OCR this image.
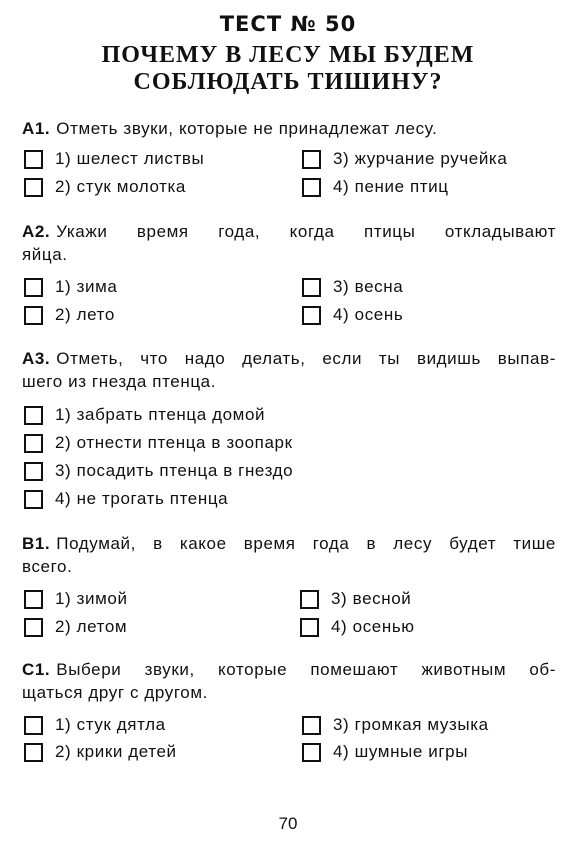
ТЕСТ № 50
ПОЧЕМУ В ЛЕСУ МЫ БУДЕМ
СОБЛЮДАТЬ ТИШИНУ?
А1. Отметь звуки, которые не принадлежат лесу.
1) шелест листвы
2) стук молотка
3) журчание ручейка
4) пение птиц
А2. Укажи время года, когда птицы откладывают
яйца.
1) зима
2) лето
3) весна
4) осень
А3. Отметь, что надо делать, если ты видишь выпав-
шего из гнезда птенца.
1) забрать птенца домой
2) отнести птенца в зоопарк
3) посадить птенца в гнездо
4) не трогать птенца
В1. Подумай, в какое время года в лесу будет тише
всего.
1) зимой
2) летом
3) весной
4) осенью
С1. Выбери звуки, которые помешают животным об-
щаться друг с другом.
1) стук дятла
2) крики детей
3) громкая музыка
4) шумные игры
70
